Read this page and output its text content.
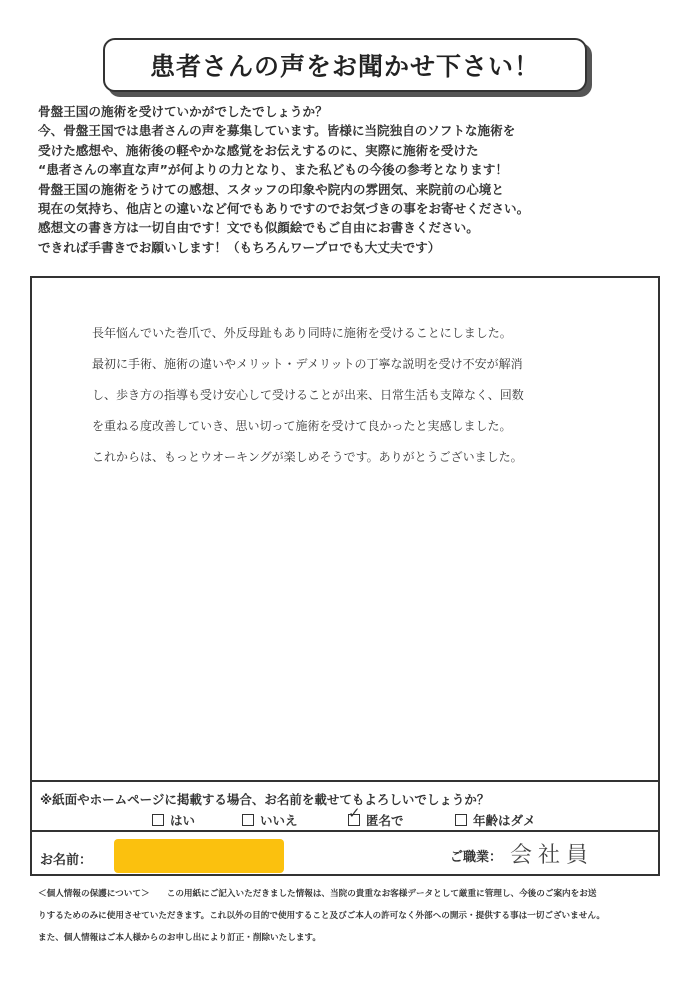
患者さんの声をお聞かせ下さい！
骨盤王国の施術を受けていかがでしたでしょうか？
今、骨盤王国では患者さんの声を募集しています。皆様に当院独自のソフトな施術を
受けた感想や、施術後の軽やかな感覚をお伝えするのに、実際に施術を受けた
“患者さんの率直な声”が何よりの力となり、また私どもの今後の参考となります！
骨盤王国の施術をうけての感想、スタッフの印象や院内の雰囲気、来院前の心境と
現在の気持ち、他店との違いなど何でもありですのでお気づきの事をお寄せください。
感想文の書き方は一切自由です！文でも似顔絵でもご自由にお書きください。
できれば手書きでお願いします！（もちろんワープロでも大丈夫です）
長年悩んでいた巻爪で、外反母趾もあり同時に施術を受けることにしました。
最初に手術、施術の違いやメリット・デメリットの丁寧な説明を受け不安が解消
し、歩き方の指導も受け安心して受けることが出来、日常生活も支障なく、回数
を重ねる度改善していき、思い切って施術を受けて良かったと実感しました。
これからは、もっとウオーキングが楽しめそうです。ありがとうございました。
※紙面やホームページに掲載する場合、お名前を載せてもよろしいでしょうか？
はい	いいえ	✓ 匿名で	年齢はダメ
お名前：	ご職業： 会社員
＜個人情報の保護について＞　　この用紙にご記入いただきました情報は、当院の貴重なお客様データとして厳重に管理し、今後のご案内をお送
りするためのみに使用させていただきます。これ以外の目的で使用すること及びご本人の許可なく外部への開示・提供する事は一切ございません。
また、個人情報はご本人様からのお申し出により訂正・削除いたします。
